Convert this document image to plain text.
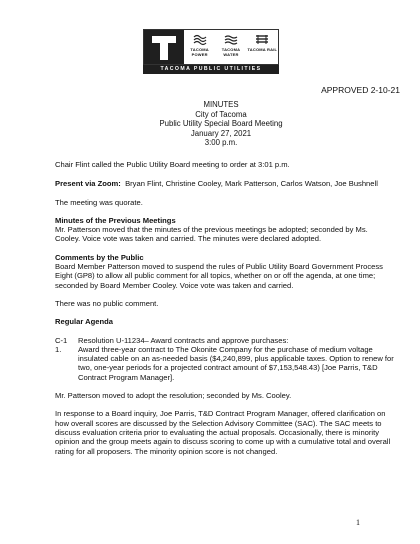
TACOMA POWER
TACOMA WATER
TACOMA RAIL
TACOMA PUBLIC UTILITIES
APPROVED 2-10-21
MINUTES
City of Tacoma
Public Utility Special Board Meeting
January 27, 2021
3:00 p.m.

Chair Flint called the Public Utility Board meeting to order at 3:01 p.m.

Present via Zoom: Bryan Flint, Christine Cooley, Mark Patterson, Carlos Watson, Joe Bushnell

The meeting was quorate.

Minutes of the Previous Meetings

Mr. Patterson moved that the minutes of the previous meetings be adopted; seconded by Ms. Cooley. Voice vote was taken and carried. The minutes were declared adopted.

Comments by the Public

Board Member Patterson moved to suspend the rules of Public Utility Board Government Process Eight (GP8) to allow all public comment for all topics, whether on or off the agenda, at one time; seconded by Board Member Cooley. Voice vote was taken and carried.

There was no public comment.

Regular Agenda

C-1	Resolution U-11234– Award contracts and approve purchases:
1.	Award three-year contract to The Okonite Company for the purchase of medium voltage insulated cable on an as-needed basis ($4,240,899, plus applicable taxes. Option to renew for two, one-year periods for a projected contract amount of $7,153,548.43) [Joe Parris, T&D Contract Program Manager].

Mr. Patterson moved to adopt the resolution; seconded by Ms. Cooley.

In response to a Board inquiry, Joe Parris, T&D Contract Program Manager, offered clarification on how overall scores are discussed by the Selection Advisory Committee (SAC). The SAC meets to discuss evaluation criteria prior to evaluating the actual proposals. Occasionally, there is minority opinion and the group meets again to discuss scoring to come up with a cumulative total and overall rating for all proposers. The minority opinion score is not changed.

1
